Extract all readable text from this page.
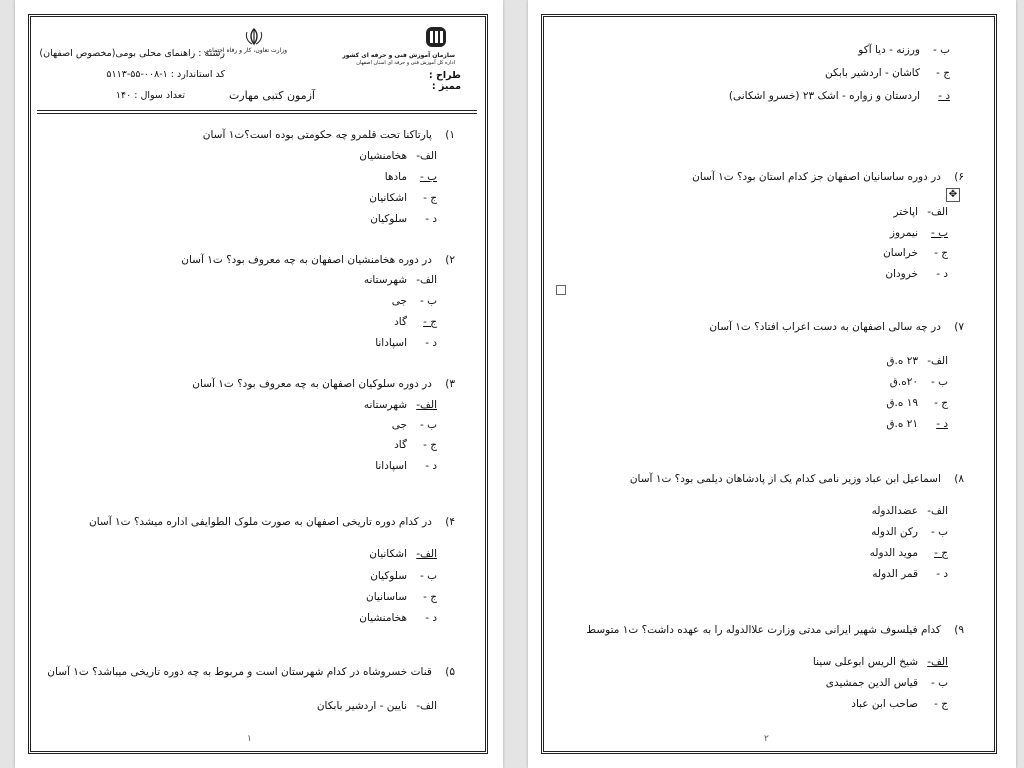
وزارت تعاون، کار و رفاه اجتماعی
سازمان آموزش فنی و حرفه ای کشور
اداره کل آموزش فنی و حرفه ای استان اصفهان
رشته : راهنمای محلی بومی(مخصوص اصفهان)
کد استاندارد : ۱-۰۰۸-۵۵-۵۱۱۳	طراح :
ممیز :
تعداد سوال : ۱۴۰	آزمون کتبی مهارت
۱)    پارتاکنا تحت قلمرو چه حکومتی بوده است؟ت۱ آسان
الف-هخامنشیان
ب -مادها
ج -اشکانیان
د -سلوکیان
۲)    در دوره هخامنشیان اصفهان به چه معروف بود؟ ت۱ آسان
الف-شهرستانه
ب -جی
ج -گاد
د -اسپادانا
۳)    در دوره سلوکیان اصفهان به چه معروف بود؟ ت۱ آسان
الف-شهرستانه
ب -جی
ج -گاد
د -اسپادانا
۴)    در کدام دوره تاریخی اصفهان به صورت ملوک الطوایفی اداره میشد؟ ت۱ آسان
الف-اشکانیان
ب -سلوکیان
ج -ساسانیان
د -هخامنشیان
۵)    قنات خسروشاه در کدام شهرستان است و مربوط به چه دوره تاریخی میباشد؟ ت۱ آسان
الف-نایین - اردشیر بابکان
۱
ب -ورزنه - دیا آکو
ج -کاشان - اردشیر بابکن
د -اردستان و زواره - اشک ۲۳ (خسرو اشکانی)
۶)    در دوره ساسانیان اصفهان جز کدام استان بود؟ ت۱ آسان
✥
الف-اپاختر
ب -نیمروز
ج -خراسان
د -خرودان
۷)    در چه سالی اصفهان به دست اعراب افتاد؟ ت۱ آسان
الف-۲۳ ه.ق
ب -۲۰ه.ق
ج -۱۹ ه.ق
د -۲۱ ه.ق
۸)    اسماعیل ابن عباد وزیر نامی کدام یک از پادشاهان دیلمی بود؟ ت۱ آسان
الف-عضدالدوله
ب -رکن الدوله
ج -موید الدوله
د -قمر الدوله
۹)    کدام فیلسوف شهیر ایرانی مدتی وزارت علاالدوله را به عهده داشت؟ ت۱ متوسط
الف-شیخ الریس ابوعلی سینا
ب -قیاس الدین جمشیدی
ج -صاحب ابن عباد
۲
